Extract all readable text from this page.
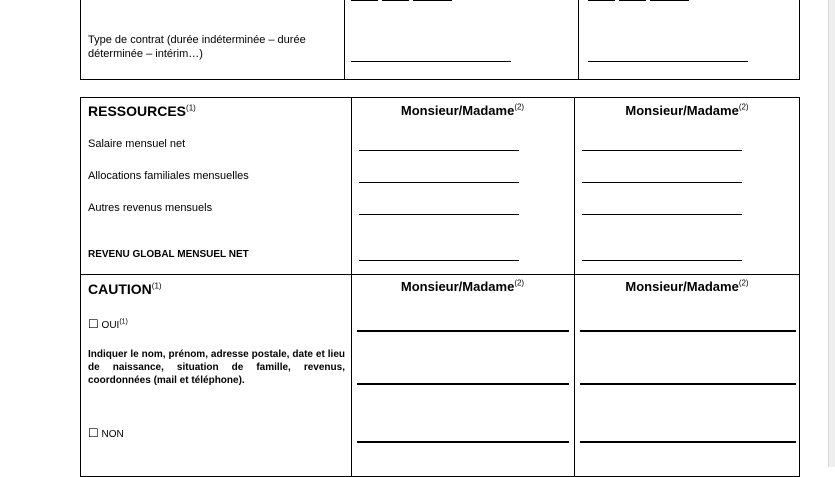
Type de contrat (durée indéterminée – durée déterminée – intérim…)
RESSOURCES$^{(1)}$	Monsieur/Madame$^{(2)}$	Monsieur/Madame$^{(2)}$
Salaire mensuel net
Allocations familiales mensuelles
Autres revenus mensuels
REVENU GLOBAL MENSUEL NET
CAUTION$^{(1)}$	Monsieur/Madame$^{(2)}$	Monsieur/Madame$^{(2)}$
☐ OUI$^{(1)}$
Indiquer le nom, prénom, adresse postale, date et lieu de naissance, situation de famille, revenus, coordonnées (mail et téléphone).
☐ NON
